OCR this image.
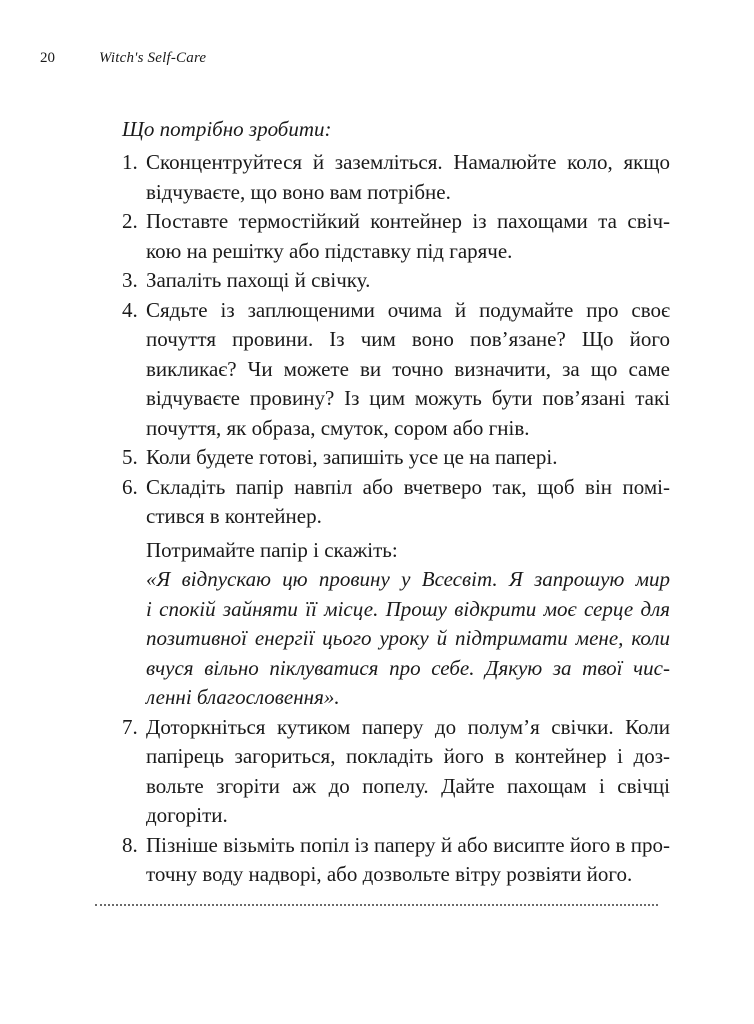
20	Witch's Self-Care
Що потрібно зробити:
1. Сконцентруйтеся й заземліться. Намалюйте коло, якщо
відчуваєте, що воно вам потрібне.
2. Поставте термостійкий контейнер із пахощами та свіч-
кою на решітку або підставку під гаряче.
3. Запаліть пахощі й свічку.
4. Сядьте із заплющеними очима й подумайте про своє
почуття провини. Із чим воно пов’язане? Що його
викликає? Чи можете ви точно визначити, за що саме
відчуваєте провину? Із цим можуть бути пов’язані такі
почуття, як образа, смуток, сором або гнів.
5. Коли будете готові, запишіть усе це на папері.
6. Складіть папір навпіл або вчетверо так, щоб він помі-
стився в контейнер.
Потримайте папір і скажіть:
«Я відпускаю цю провину у Всесвіт. Я запрошую мир
і спокій зайняти її місце. Прошу відкрити моє серце для
позитивної енергії цього уроку й підтримати мене, коли
вчуся вільно піклуватися про себе. Дякую за твої чис-
ленні благословення».
7. Доторкніться кутиком паперу до полум’я свічки. Коли
папірець загориться, покладіть його в контейнер і доз-
вольте згоріти аж до попелу. Дайте пахощам і свічці
догоріти.
8. Пізніше візьміть попіл із паперу й або висипте його в про-
точну воду надворі, або дозвольте вітру розвіяти його.
